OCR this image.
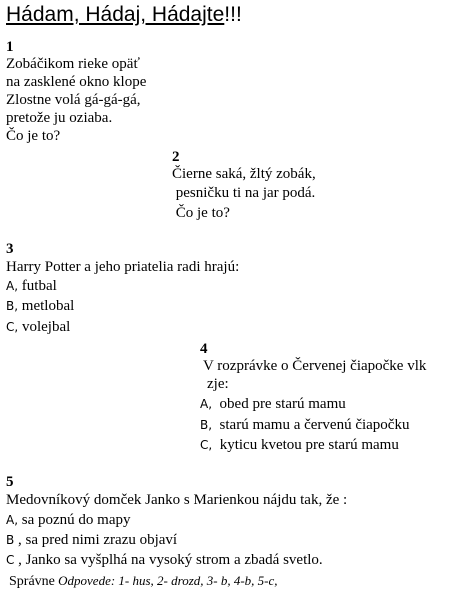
Hádam, Hádaj, Hádajte!!!
1
Zobáčikom rieke opäť
na zasklené okno klope
Zlostne volá gá-gá-gá,
pretože ju oziaba.
Čo je to?
2
Čierne saká, žltý zobák,
pesničku ti na jar podá.
Čo je to?
3
Harry Potter a jeho priatelia radi hrajú:
A, futbal
B, metlobal
C, volejbal
4
V rozprávke o Červenej čiapočke vlk
zje:
A,  obed pre starú mamu
B,  starú mamu a červenú čiapočku
C,  kyticu kvetou pre starú mamu
5
Medovníkový domček Janko s Marienkou nájdu tak, že :
A, sa poznú do mapy
B , sa pred nimi zrazu objaví
C , Janko sa vyšplhá na vysoký strom a zbadá svetlo.
Správne Odpovede: 1- hus, 2- drozd, 3- b, 4-b, 5-c,
